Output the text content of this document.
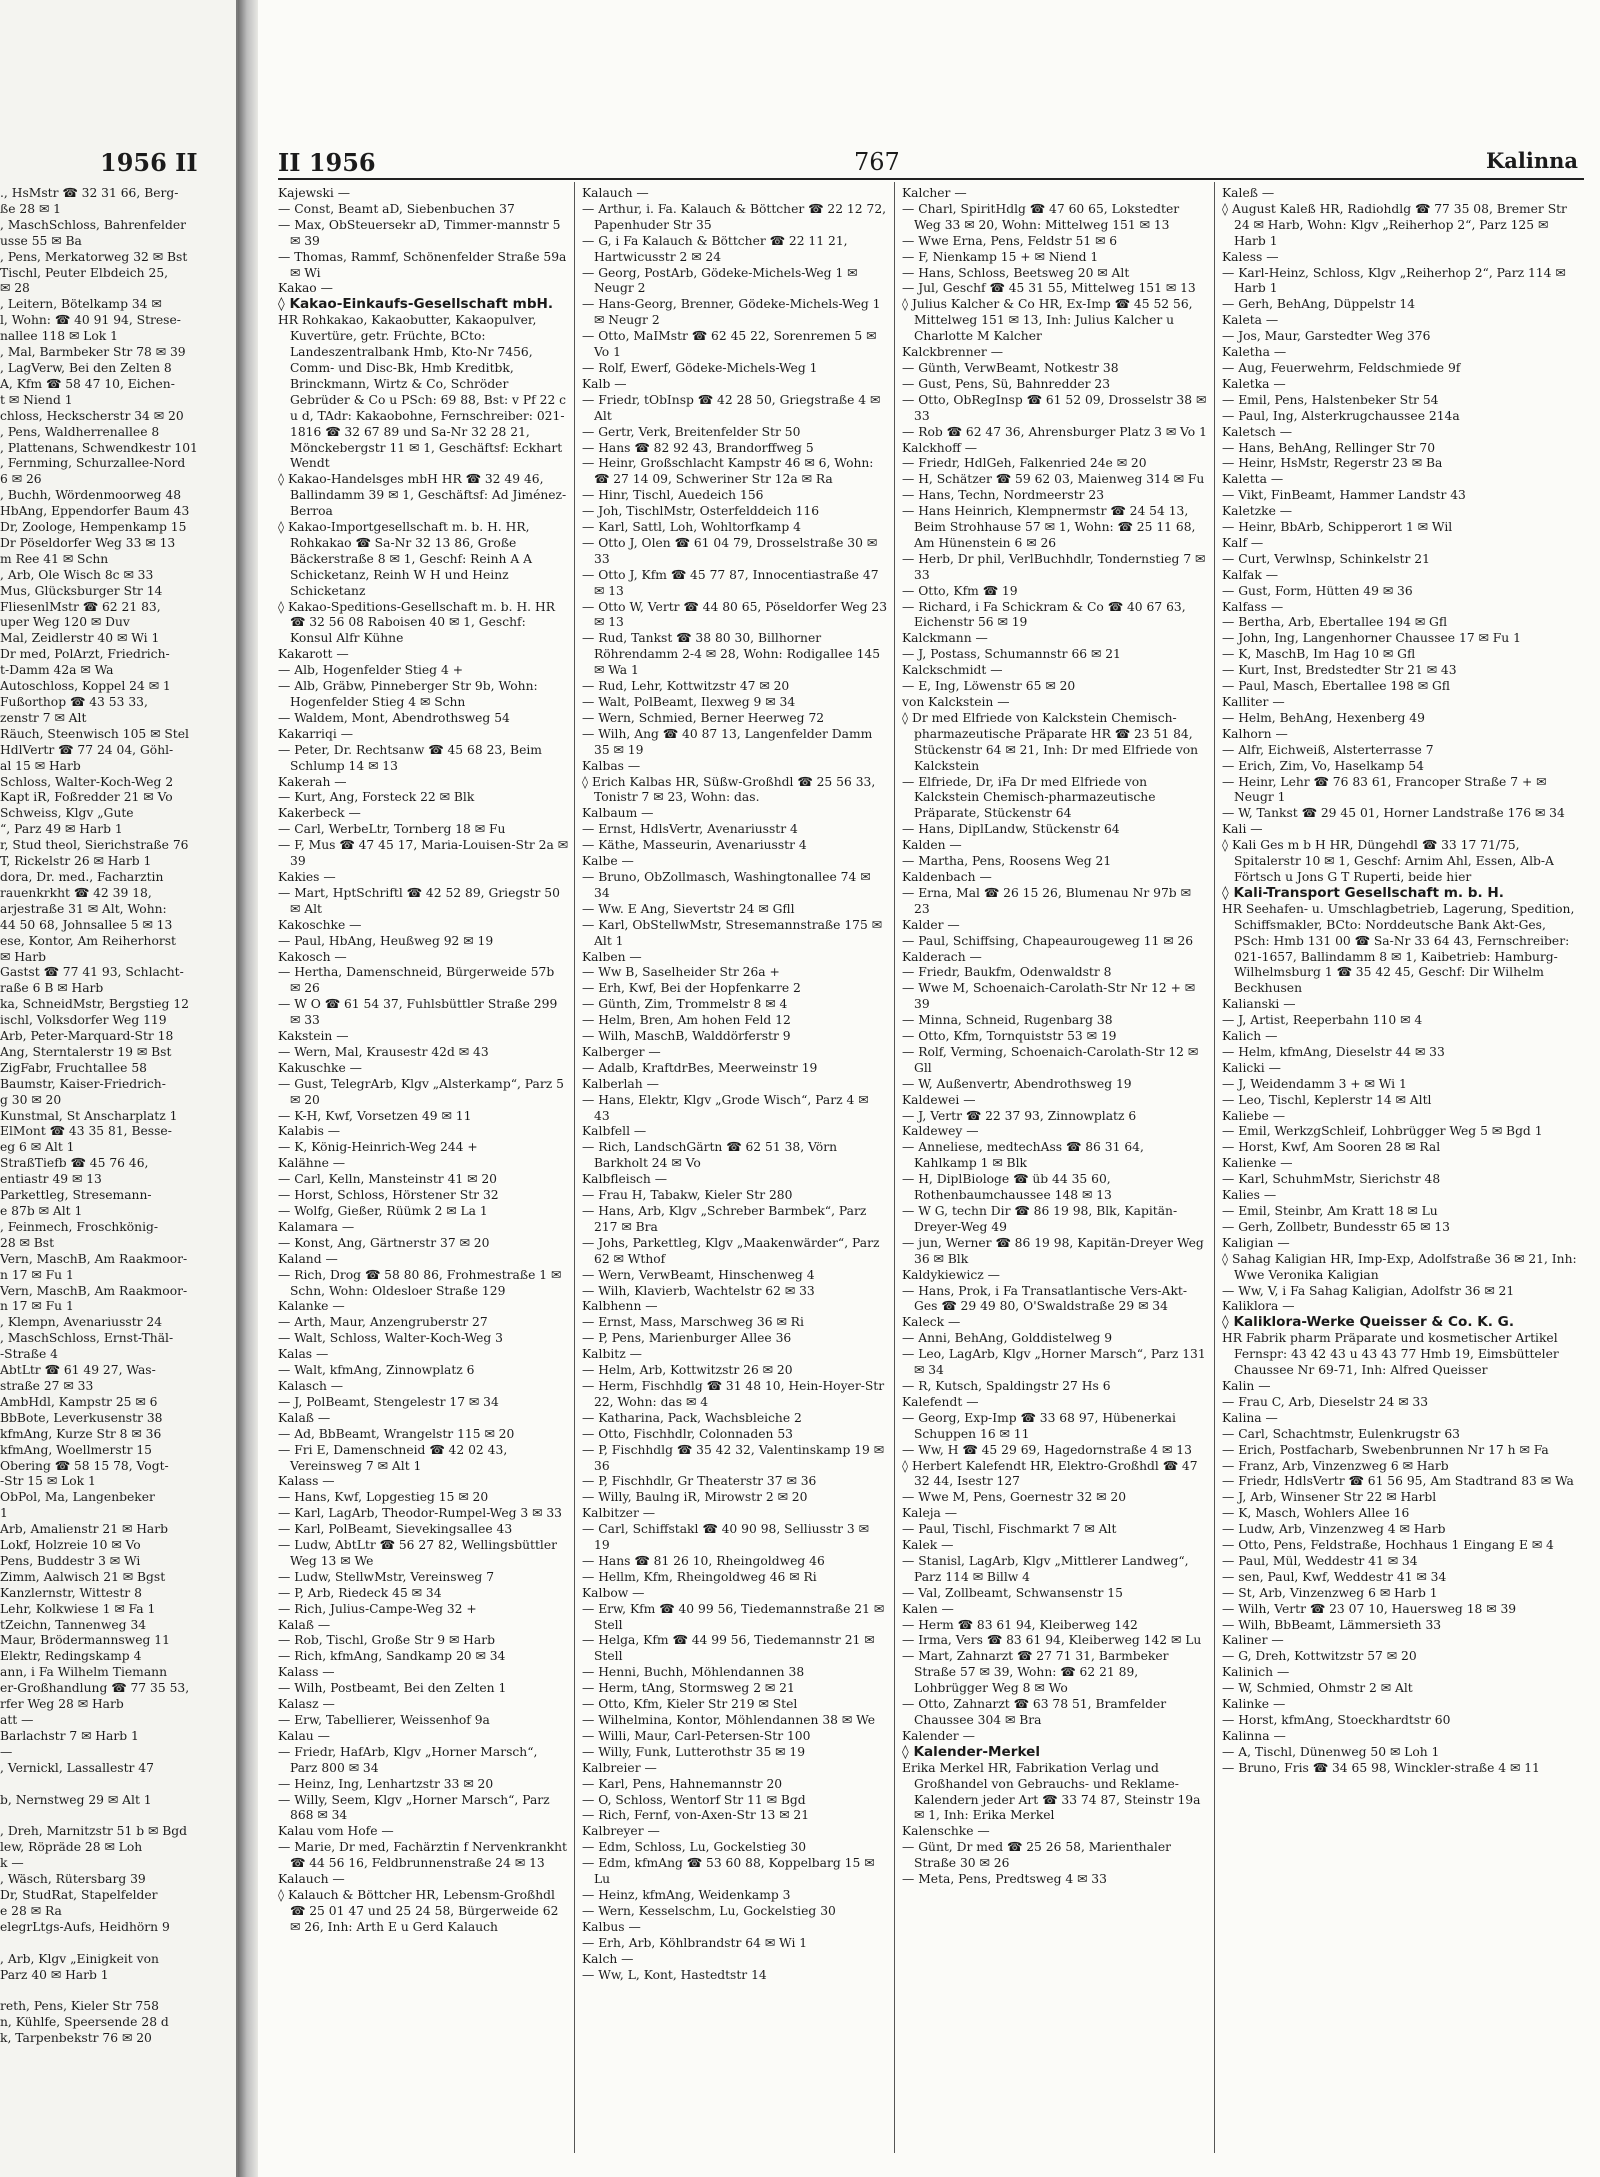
1956 II
., HsMstr ☎ 32 31 66, Berg-
ße 28 ✉ 1
, MaschSchloss, Bahrenfelder
usse 55 ✉ Ba
, Pens, Merkatorweg 32 ✉ Bst
Tischl, Peuter Elbdeich 25,
✉ 28
, Leitern, Bötelkamp 34 ✉
l, Wohn: ☎ 40 91 94, Strese-
nallee 118 ✉ Lok 1
, Mal, Barmbeker Str 78 ✉ 39
, LagVerw, Bei den Zelten 8
A, Kfm ☎ 58 47 10, Eichen-
t ✉ Niend 1
chloss, Heckscherstr 34 ✉ 20
, Pens, Waldherrenallee 8
, Plattenans, Schwendkestr 101
, Fernming, Schurzallee-Nord
6 ✉ 26
, Buchh, Wördenmoorweg 48
HbAng, Eppendorfer Baum 43
Dr, Zoologe, Hempenkamp 15
Dr Pöseldorfer Weg 33 ✉ 13
m Ree 41 ✉ Schn
, Arb, Ole Wisch 8c ✉ 33
Mus, Glücksburger Str 14
FliesenlMstr ☎ 62 21 83,
uper Weg 120 ✉ Duv
Mal, Zeidlerstr 40 ✉ Wi 1
Dr med, PolArzt, Friedrich-
t-Damm 42a ✉ Wa
Autoschloss, Koppel 24 ✉ 1
Fußorthop ☎ 43 53 33,
zenstr 7 ✉ Alt
Räuch, Steenwisch 105 ✉ Stel
HdlVertr ☎ 77 24 04, Göhl-
al 15 ✉ Harb
Schloss, Walter-Koch-Weg 2
Kapt iR, Foßredder 21 ✉ Vo
Schweiss, Klgv „Gute
“, Parz 49 ✉ Harb 1
r, Stud theol, Sierichstraße 76
T, Rickelstr 26 ✉ Harb 1
dora, Dr. med., Facharztin
rauenkrkht ☎ 42 39 18,
arjestraße 31 ✉ Alt, Wohn:
44 50 68, Johnsallee 5 ✉ 13
ese, Kontor, Am Reiherhorst
✉ Harb
Gastst ☎ 77 41 93, Schlacht-
raße 6 B ✉ Harb
ka, SchneidMstr, Bergstieg 12
ischl, Volksdorfer Weg 119
Arb, Peter-Marquard-Str 18
Ang, Sterntalerstr 19 ✉ Bst
ZigFabr, Fruchtallee 58
Baumstr, Kaiser-Friedrich-
g 30 ✉ 20
Kunstmal, St Anscharplatz 1
ElMont ☎ 43 35 81, Besse-
eg 6 ✉ Alt 1
StraßTiefb ☎ 45 76 46,
entiastr 49 ✉ 13
Parkettleg, Stresemann-
e 87b ✉ Alt 1
, Feinmech, Froschkönig-
28 ✉ Bst
Vern, MaschB, Am Raakmoor-
n 17 ✉ Fu 1
Vern, MaschB, Am Raakmoor-
n 17 ✉ Fu 1
, Klempn, Avenariusstr 24
, MaschSchloss, Ernst-Thäl-
-Straße 4
AbtLtr ☎ 61 49 27, Was-
straße 27 ✉ 33
AmbHdl, Kampstr 25 ✉ 6
BbBote, Leverkusenstr 38
kfmAng, Kurze Str 8 ✉ 36
kfmAng, Woellmerstr 15
Obering ☎ 58 15 78, Vogt-
-Str 15 ✉ Lok 1
ObPol, Ma, Langenbeker
1
Arb, Amalienstr 21 ✉ Harb
Lokf, Holzreie 10 ✉ Vo
Pens, Buddestr 3 ✉ Wi
Zimm, Aalwisch 21 ✉ Bgst
Kanzlernstr, Wittestr 8
Lehr, Kolkwiese 1 ✉ Fa 1
tZeichn, Tannenweg 34
Maur, Brödermannsweg 11
Elektr, Redingskamp 4
ann, i Fa Wilhelm Tiemann
er-Großhandlung ☎ 77 35 53,
rfer Weg 28 ✉ Harb
att —
Barlachstr 7 ✉ Harb 1
—
, Vernickl, Lassallestr 47

b, Nernstweg 29 ✉ Alt 1

, Dreh, Marnitzstr 51 b ✉ Bgd
lew, Röpräde 28 ✉ Loh
k —
, Wäsch, Rütersbarg 39
Dr, StudRat, Stapelfelder
e 28 ✉ Ra
elegrLtgs-Aufs, Heidhörn 9

, Arb, Klgv „Einigkeit von
Parz 40 ✉ Harb 1

reth, Pens, Kieler Str 758
n, Kühlfe, Speersende 28 d
k, Tarpenbekstr 76 ✉ 20
II 1956	767	Kalinna
Kajewski —
— Const, Beamt aD, Siebenbuchen 37
— Max, ObSteuersekr aD, Timmer-mannstr 5 ✉ 39
— Thomas, Rammf, Schönenfelder Straße 59a ✉ Wi
Kakao —
◊ Kakao-Einkaufs-Gesellschaft mbH.
HR Rohkakao, Kakaobutter, Kakaopulver, Kuvertüre, getr. Früchte, BCto: Landeszentralbank Hmb, Kto-Nr 7456, Comm- und Disc-Bk, Hmb Kreditbk, Brinckmann, Wirtz & Co, Schröder Gebrüder & Co u PSch: 69 88, Bst: v Pf 22 c u d, TAdr: Kakaobohne, Fernschreiber: 021-1816 ☎ 32 67 89 und Sa-Nr 32 28 21, Mönckebergstr 11 ✉ 1, Geschäftsf: Eckhart Wendt
◊ Kakao-Handelsges mbH HR ☎ 32 49 46, Ballindamm 39 ✉ 1, Geschäftsf: Ad Jiménez-Berroa
◊ Kakao-Importgesellschaft m. b. H. HR, Rohkakao ☎ Sa-Nr 32 13 86, Große Bäckerstraße 8 ✉ 1, Geschf: Reinh A A Schicketanz, Reinh W H und Heinz Schicketanz
◊ Kakao-Speditions-Gesellschaft m. b. H. HR ☎ 32 56 08 Raboisen 40 ✉ 1, Geschf: Konsul Alfr Kühne
Kakarott —
— Alb, Hogenfelder Stieg 4 +
— Alb, Gräbw, Pinneberger Str 9b, Wohn: Hogenfelder Stieg 4 ✉ Schn
— Waldem, Mont, Abendrothsweg 54
Kakarriqi —
— Peter, Dr. Rechtsanw ☎ 45 68 23, Beim Schlump 14 ✉ 13
Kakerah —
— Kurt, Ang, Forsteck 22 ✉ Blk
Kakerbeck —
— Carl, WerbeLtr, Tornberg 18 ✉ Fu
— F, Mus ☎ 47 45 17, Maria-Louisen-Str 2a ✉ 39
Kakies —
— Mart, HptSchriftl ☎ 42 52 89, Griegstr 50 ✉ Alt
Kakoschke —
— Paul, HbAng, Heußweg 92 ✉ 19
Kakosch —
— Hertha, Damenschneid, Bürgerweide 57b ✉ 26
— W O ☎ 61 54 37, Fuhlsbüttler Straße 299 ✉ 33
Kakstein —
— Wern, Mal, Krausestr 42d ✉ 43
Kakuschke —
— Gust, TelegrArb, Klgv „Alsterkamp“, Parz 5 ✉ 20
— K-H, Kwf, Vorsetzen 49 ✉ 11
Kalabis —
— K, König-Heinrich-Weg 244 +
Kalähne —
— Carl, Kelln, Mansteinstr 41 ✉ 20
— Horst, Schloss, Hörstener Str 32
— Wolfg, Gießer, Rüümk 2 ✉ La 1
Kalamara —
— Konst, Ang, Gärtnerstr 37 ✉ 20
Kaland —
— Rich, Drog ☎ 58 80 86, Frohmestraße 1 ✉ Schn, Wohn: Oldesloer Straße 129
Kalanke —
— Arth, Maur, Anzengruberstr 27
— Walt, Schloss, Walter-Koch-Weg 3
Kalas —
— Walt, kfmAng, Zinnowplatz 6
Kalasch —
— J, PolBeamt, Stengelestr 17 ✉ 34
Kalaß —
— Ad, BbBeamt, Wrangelstr 115 ✉ 20
— Fri E, Damenschneid ☎ 42 02 43, Vereinsweg 7 ✉ Alt 1
Kalass —
— Hans, Kwf, Lopgestieg 15 ✉ 20
— Karl, LagArb, Theodor-Rumpel-Weg 3 ✉ 33
— Karl, PolBeamt, Sievekingsallee 43
— Ludw, AbtLtr ☎ 56 27 82, Wellingsbüttler Weg 13 ✉ We
— Ludw, StellwMstr, Vereinsweg 7
— P, Arb, Riedeck 45 ✉ 34
— Rich, Julius-Campe-Weg 32 +
Kalaß —
— Rob, Tischl, Große Str 9 ✉ Harb
— Rich, kfmAng, Sandkamp 20 ✉ 34
Kalass —
— Wilh, Postbeamt, Bei den Zelten 1
Kalasz —
— Erw, Tabellierer, Weissenhof 9a
Kalau —
— Friedr, HafArb, Klgv „Horner Marsch“, Parz 800 ✉ 34
— Heinz, Ing, Lenhartzstr 33 ✉ 20
— Willy, Seem, Klgv „Horner Marsch“, Parz 868 ✉ 34
Kalau vom Hofe —
— Marie, Dr med, Fachärztin f Nervenkrankht ☎ 44 56 16, Feldbrunnenstraße 24 ✉ 13
Kalauch —
◊ Kalauch & Böttcher HR, Lebensm-Großhdl ☎ 25 01 47 und 25 24 58, Bürgerweide 62 ✉ 26, Inh: Arth E u Gerd Kalauch
Kalauch —
— Arthur, i. Fa. Kalauch & Böttcher ☎ 22 12 72, Papenhuder Str 35
— G, i Fa Kalauch & Böttcher ☎ 22 11 21, Hartwicusstr 2 ✉ 24
— Georg, PostArb, Gödeke-Michels-Weg 1 ✉ Neugr 2
— Hans-Georg, Brenner, Gödeke-Michels-Weg 1 ✉ Neugr 2
— Otto, MaIMstr ☎ 62 45 22, Sorenremen 5 ✉ Vo 1
— Rolf, Ewerf, Gödeke-Michels-Weg 1
Kalb —
— Friedr, tObInsp ☎ 42 28 50, Griegstraße 4 ✉ Alt
— Gertr, Verk, Breitenfelder Str 50
— Hans ☎ 82 92 43, Brandorffweg 5
— Heinr, Großschlacht Kampstr 46 ✉ 6, Wohn: ☎ 27 14 09, Schweriner Str 12a ✉ Ra
— Hinr, Tischl, Auedeich 156
— Joh, TischlMstr, Osterfelddeich 116
— Karl, Sattl, Loh, Wohltorfkamp 4
— Otto J, Olen ☎ 61 04 79, Drosselstraße 30 ✉ 33
— Otto J, Kfm ☎ 45 77 87, Innocentiastraße 47 ✉ 13
— Otto W, Vertr ☎ 44 80 65, Pöseldorfer Weg 23 ✉ 13
— Rud, Tankst ☎ 38 80 30, Billhorner Röhrendamm 2-4 ✉ 28, Wohn: Rodigallee 145 ✉ Wa 1
— Rud, Lehr, Kottwitzstr 47 ✉ 20
— Walt, PolBeamt, Ilexweg 9 ✉ 34
— Wern, Schmied, Berner Heerweg 72
— Wilh, Ang ☎ 40 87 13, Langenfelder Damm 35 ✉ 19
Kalbas —
◊ Erich Kalbas HR, Süßw-Großhdl ☎ 25 56 33, Tonistr 7 ✉ 23, Wohn: das.
Kalbaum —
— Ernst, HdlsVertr, Avenariusstr 4
— Käthe, Masseurin, Avenariusstr 4
Kalbe —
— Bruno, ObZollmasch, Washingtonallee 74 ✉ 34
— Ww. E Ang, Sievertstr 24 ✉ Gfll
— Karl, ObStellwMstr, Stresemannstraße 175 ✉ Alt 1
Kalben —
— Ww B, Saselheider Str 26a +
— Erh, Kwf, Bei der Hopfenkarre 2
— Günth, Zim, Trommelstr 8 ✉ 4
— Helm, Bren, Am hohen Feld 12
— Wilh, MaschB, Walddörferstr 9
Kalberger —
— Adalb, KraftdrBes, Meerweinstr 19
Kalberlah —
— Hans, Elektr, Klgv „Grode Wisch“, Parz 4 ✉ 43
Kalbfell —
— Rich, LandschGärtn ☎ 62 51 38, Vörn Barkholt 24 ✉ Vo
Kalbfleisch —
— Frau H, Tabakw, Kieler Str 280
— Hans, Arb, Klgv „Schreber Barmbek“, Parz 217 ✉ Bra
— Johs, Parkettleg, Klgv „Maakenwärder“, Parz 62 ✉ Wthof
— Wern, VerwBeamt, Hinschenweg 4
— Wilh, Klavierb, Wachtelstr 62 ✉ 33
Kalbhenn —
— Ernst, Mass, Marschweg 36 ✉ Ri
— P, Pens, Marienburger Allee 36
Kalbitz —
— Helm, Arb, Kottwitzstr 26 ✉ 20
— Herm, Fischhdlg ☎ 31 48 10, Hein-Hoyer-Str 22, Wohn: das ✉ 4
— Katharina, Pack, Wachsbleiche 2
— Otto, Fischhdlr, Colonnaden 53
— P, Fischhdlg ☎ 35 42 32, Valentinskamp 19 ✉ 36
— P, Fischhdlr, Gr Theaterstr 37 ✉ 36
— Willy, Baulng iR, Mirowstr 2 ✉ 20
Kalbitzer —
— Carl, Schiffstakl ☎ 40 90 98, Selliusstr 3 ✉ 19
— Hans ☎ 81 26 10, Rheingoldweg 46
— Hellm, Kfm, Rheingoldweg 46 ✉ Ri
Kalbow —
— Erw, Kfm ☎ 40 99 56, Tiedemannstraße 21 ✉ Stell
— Helga, Kfm ☎ 44 99 56, Tiedemannstr 21 ✉ Stell
— Henni, Buchh, Möhlendannen 38
— Herm, tAng, Stormsweg 2 ✉ 21
— Otto, Kfm, Kieler Str 219 ✉ Stel
— Wilhelmina, Kontor, Möhlendannen 38 ✉ We
— Willi, Maur, Carl-Petersen-Str 100
— Willy, Funk, Lutterothstr 35 ✉ 19
Kalbreier —
— Karl, Pens, Hahnemannstr 20
— O, Schloss, Wentorf Str 11 ✉ Bgd
— Rich, Fernf, von-Axen-Str 13 ✉ 21
Kalbreyer —
— Edm, Schloss, Lu, Gockelstieg 30
— Edm, kfmAng ☎ 53 60 88, Koppelbarg 15 ✉ Lu
— Heinz, kfmAng, Weidenkamp 3
— Wern, Kesselschm, Lu, Gockelstieg 30
Kalbus —
— Erh, Arb, Köhlbrandstr 64 ✉ Wi 1
Kalch —
— Ww, L, Kont, Hastedtstr 14
Kalcher —
— Charl, SpiritHdlg ☎ 47 60 65, Lokstedter Weg 33 ✉ 20, Wohn: Mittelweg 151 ✉ 13
— Wwe Erna, Pens, Feldstr 51 ✉ 6
— F, Nienkamp 15 + ✉ Niend 1
— Hans, Schloss, Beetsweg 20 ✉ Alt
— Jul, Geschf ☎ 45 31 55, Mittelweg 151 ✉ 13
◊ Julius Kalcher & Co HR, Ex-Imp ☎ 45 52 56, Mittelweg 151 ✉ 13, Inh: Julius Kalcher u Charlotte M Kalcher
Kalckbrenner —
— Günth, VerwBeamt, Notkestr 38
— Gust, Pens, Sü, Bahnredder 23
— Otto, ObRegInsp ☎ 61 52 09, Drosselstr 38 ✉ 33
— Rob ☎ 62 47 36, Ahrensburger Platz 3 ✉ Vo 1
Kalckhoff —
— Friedr, HdlGeh, Falkenried 24e ✉ 20
— H, Schätzer ☎ 59 62 03, Maienweg 314 ✉ Fu
— Hans, Techn, Nordmeerstr 23
— Hans Heinrich, Klempnermstr ☎ 24 54 13, Beim Strohhause 57 ✉ 1, Wohn: ☎ 25 11 68, Am Hünenstein 6 ✉ 26
— Herb, Dr phil, VerlBuchhdlr, Tondernstieg 7 ✉ 33
— Otto, Kfm ☎ 19
— Richard, i Fa Schickram & Co ☎ 40 67 63, Eichenstr 56 ✉ 19
Kalckmann —
— J, Postass, Schumannstr 66 ✉ 21
Kalckschmidt —
— E, Ing, Löwenstr 65 ✉ 20
von Kalckstein —
◊ Dr med Elfriede von Kalckstein Chemisch-pharmazeutische Präparate HR ☎ 23 51 84, Stückenstr 64 ✉ 21, Inh: Dr med Elfriede von Kalckstein
— Elfriede, Dr, iFa Dr med Elfriede von Kalckstein Chemisch-pharmazeutische Präparate, Stückenstr 64
— Hans, DiplLandw, Stückenstr 64
Kalden —
— Martha, Pens, Roosens Weg 21
Kaldenbach —
— Erna, Mal ☎ 26 15 26, Blumenau Nr 97b ✉ 23
Kalder —
— Paul, Schiffsing, Chapeaurougeweg 11 ✉ 26
Kalderach —
— Friedr, Baukfm, Odenwaldstr 8
— Wwe M, Schoenaich-Carolath-Str Nr 12 + ✉ 39
— Minna, Schneid, Rugenbarg 38
— Otto, Kfm, Tornquiststr 53 ✉ 19
— Rolf, Verming, Schoenaich-Carolath-Str 12 ✉ Gll
— W, Außenvertr, Abendrothsweg 19
Kaldewei —
— J, Vertr ☎ 22 37 93, Zinnowplatz 6
Kaldewey —
— Anneliese, medtechAss ☎ 86 31 64, Kahlkamp 1 ✉ Blk
— H, DiplBiologe ☎ üb 44 35 60, Rothenbaumchaussee 148 ✉ 13
— W G, techn Dir ☎ 86 19 98, Blk, Kapitän-Dreyer-Weg 49
— jun, Werner ☎ 86 19 98, Kapitän-Dreyer Weg 36 ✉ Blk
Kaldykiewicz —
— Hans, Prok, i Fa Transatlantische Vers-Akt-Ges ☎ 29 49 80, O'Swaldstraße 29 ✉ 34
Kaleck —
— Anni, BehAng, Golddistelweg 9
— Leo, LagArb, Klgv „Horner Marsch“, Parz 131 ✉ 34
— R, Kutsch, Spaldingstr 27 Hs 6
Kalefendt —
— Georg, Exp-Imp ☎ 33 68 97, Hübenerkai Schuppen 16 ✉ 11
— Ww, H ☎ 45 29 69, Hagedornstraße 4 ✉ 13
◊ Herbert Kalefendt HR, Elektro-Großhdl ☎ 47 32 44, Isestr 127
— Wwe M, Pens, Goernestr 32 ✉ 20
Kaleja —
— Paul, Tischl, Fischmarkt 7 ✉ Alt
Kalek —
— Stanisl, LagArb, Klgv „Mittlerer Landweg“, Parz 114 ✉ Billw 4
— Val, Zollbeamt, Schwansenstr 15
Kalen —
— Herm ☎ 83 61 94, Kleiberweg 142
— Irma, Vers ☎ 83 61 94, Kleiberweg 142 ✉ Lu
— Mart, Zahnarzt ☎ 27 71 31, Barmbeker Straße 57 ✉ 39, Wohn: ☎ 62 21 89, Lohbrügger Weg 8 ✉ Wo
— Otto, Zahnarzt ☎ 63 78 51, Bramfelder Chaussee 304 ✉ Bra
Kalender —
◊ Kalender-Merkel
Erika Merkel HR, Fabrikation Verlag und Großhandel von Gebrauchs- und Reklame-Kalendern jeder Art ☎ 33 74 87, Steinstr 19a ✉ 1, Inh: Erika Merkel
Kalenschke —
— Günt, Dr med ☎ 25 26 58, Marienthaler Straße 30 ✉ 26
— Meta, Pens, Predtsweg 4 ✉ 33
Kaleß —
◊ August Kaleß HR, Radiohdlg ☎ 77 35 08, Bremer Str 24 ✉ Harb, Wohn: Klgv „Reiherhop 2“, Parz 125 ✉ Harb 1
Kaless —
— Karl-Heinz, Schloss, Klgv „Reiherhop 2“, Parz 114 ✉ Harb 1
— Gerh, BehAng, Düppelstr 14
Kaleta —
— Jos, Maur, Garstedter Weg 376
Kaletha —
— Aug, Feuerwehrm, Feldschmiede 9f
Kaletka —
— Emil, Pens, Halstenbeker Str 54
— Paul, Ing, Alsterkrugchaussee 214a
Kaletsch —
— Hans, BehAng, Rellinger Str 70
— Heinr, HsMstr, Regerstr 23 ✉ Ba
Kaletta —
— Vikt, FinBeamt, Hammer Landstr 43
Kaletzke —
— Heinr, BbArb, Schipperort 1 ✉ Wil
Kalf —
— Curt, Verwlnsp, Schinkelstr 21
Kalfak —
— Gust, Form, Hütten 49 ✉ 36
Kalfass —
— Bertha, Arb, Ebertallee 194 ✉ Gfl
— John, Ing, Langenhorner Chaussee 17 ✉ Fu 1
— K, MaschB, Im Hag 10 ✉ Gfl
— Kurt, Inst, Bredstedter Str 21 ✉ 43
— Paul, Masch, Ebertallee 198 ✉ Gfl
Kalliter —
— Helm, BehAng, Hexenberg 49
Kalhorn —
— Alfr, Eichweiß, Alsterterrasse 7
— Erich, Zim, Vo, Haselkamp 54
— Heinr, Lehr ☎ 76 83 61, Francoper Straße 7 + ✉ Neugr 1
— W, Tankst ☎ 29 45 01, Horner Landstraße 176 ✉ 34
Kali —
◊ Kali Ges m b H HR, Düngehdl ☎ 33 17 71/75, Spitalerstr 10 ✉ 1, Geschf: Arnim Ahl, Essen, Alb-A Förtsch u Jons G T Ruperti, beide hier
◊ Kali-Transport Gesellschaft m. b. H.
HR Seehafen- u. Umschlagbetrieb, Lagerung, Spedition, Schiffsmakler, BCto: Norddeutsche Bank Akt-Ges, PSch: Hmb 131 00 ☎ Sa-Nr 33 64 43, Fernschreiber: 021-1657, Ballindamm 8 ✉ 1, Kaibetrieb: Hamburg-Wilhelmsburg 1 ☎ 35 42 45, Geschf: Dir Wilhelm Beckhusen
Kalianski —
— J, Artist, Reeperbahn 110 ✉ 4
Kalich —
— Helm, kfmAng, Dieselstr 44 ✉ 33
Kalicki —
— J, Weidendamm 3 + ✉ Wi 1
— Leo, Tischl, Keplerstr 14 ✉ Altl
Kaliebe —
— Emil, WerkzgSchleif, Lohbrügger Weg 5 ✉ Bgd 1
— Horst, Kwf, Am Sooren 28 ✉ Ral
Kalienke —
— Karl, SchuhmMstr, Sierichstr 48
Kalies —
— Emil, Steinbr, Am Kratt 18 ✉ Lu
— Gerh, Zollbetr, Bundesstr 65 ✉ 13
Kaligian —
◊ Sahag Kaligian HR, Imp-Exp, Adolfstraße 36 ✉ 21, Inh: Wwe Veronika Kaligian
— Ww, V, i Fa Sahag Kaligian, Adolfstr 36 ✉ 21
Kaliklora —
◊ Kaliklora-Werke Queisser & Co. K. G.
HR Fabrik pharm Präparate und kosmetischer Artikel Fernspr: 43 42 43 u 43 43 77 Hmb 19, Eimsbütteler Chaussee Nr 69-71, Inh: Alfred Queisser
Kalin —
— Frau C, Arb, Dieselstr 24 ✉ 33
Kalina —
— Carl, Schachtmstr, Eulenkrugstr 63
— Erich, Postfacharb, Swebenbrunnen Nr 17 h ✉ Fa
— Franz, Arb, Vinzenzweg 6 ✉ Harb
— Friedr, HdlsVertr ☎ 61 56 95, Am Stadtrand 83 ✉ Wa
— J, Arb, Winsener Str 22 ✉ Harbl
— K, Masch, Wohlers Allee 16
— Ludw, Arb, Vinzenzweg 4 ✉ Harb
— Otto, Pens, Feldstraße, Hochhaus 1 Eingang E ✉ 4
— Paul, Mül, Weddestr 41 ✉ 34
— sen, Paul, Kwf, Weddestr 41 ✉ 34
— St, Arb, Vinzenzweg 6 ✉ Harb 1
— Wilh, Vertr ☎ 23 07 10, Hauersweg 18 ✉ 39
— Wilh, BbBeamt, Lämmersieth 33
Kaliner —
— G, Dreh, Kottwitzstr 57 ✉ 20
Kalinich —
— W, Schmied, Ohmstr 2 ✉ Alt
Kalinke —
— Horst, kfmAng, Stoeckhardtstr 60
Kalinna —
— A, Tischl, Dünenweg 50 ✉ Loh 1
— Bruno, Fris ☎ 34 65 98, Winckler-straße 4 ✉ 11
